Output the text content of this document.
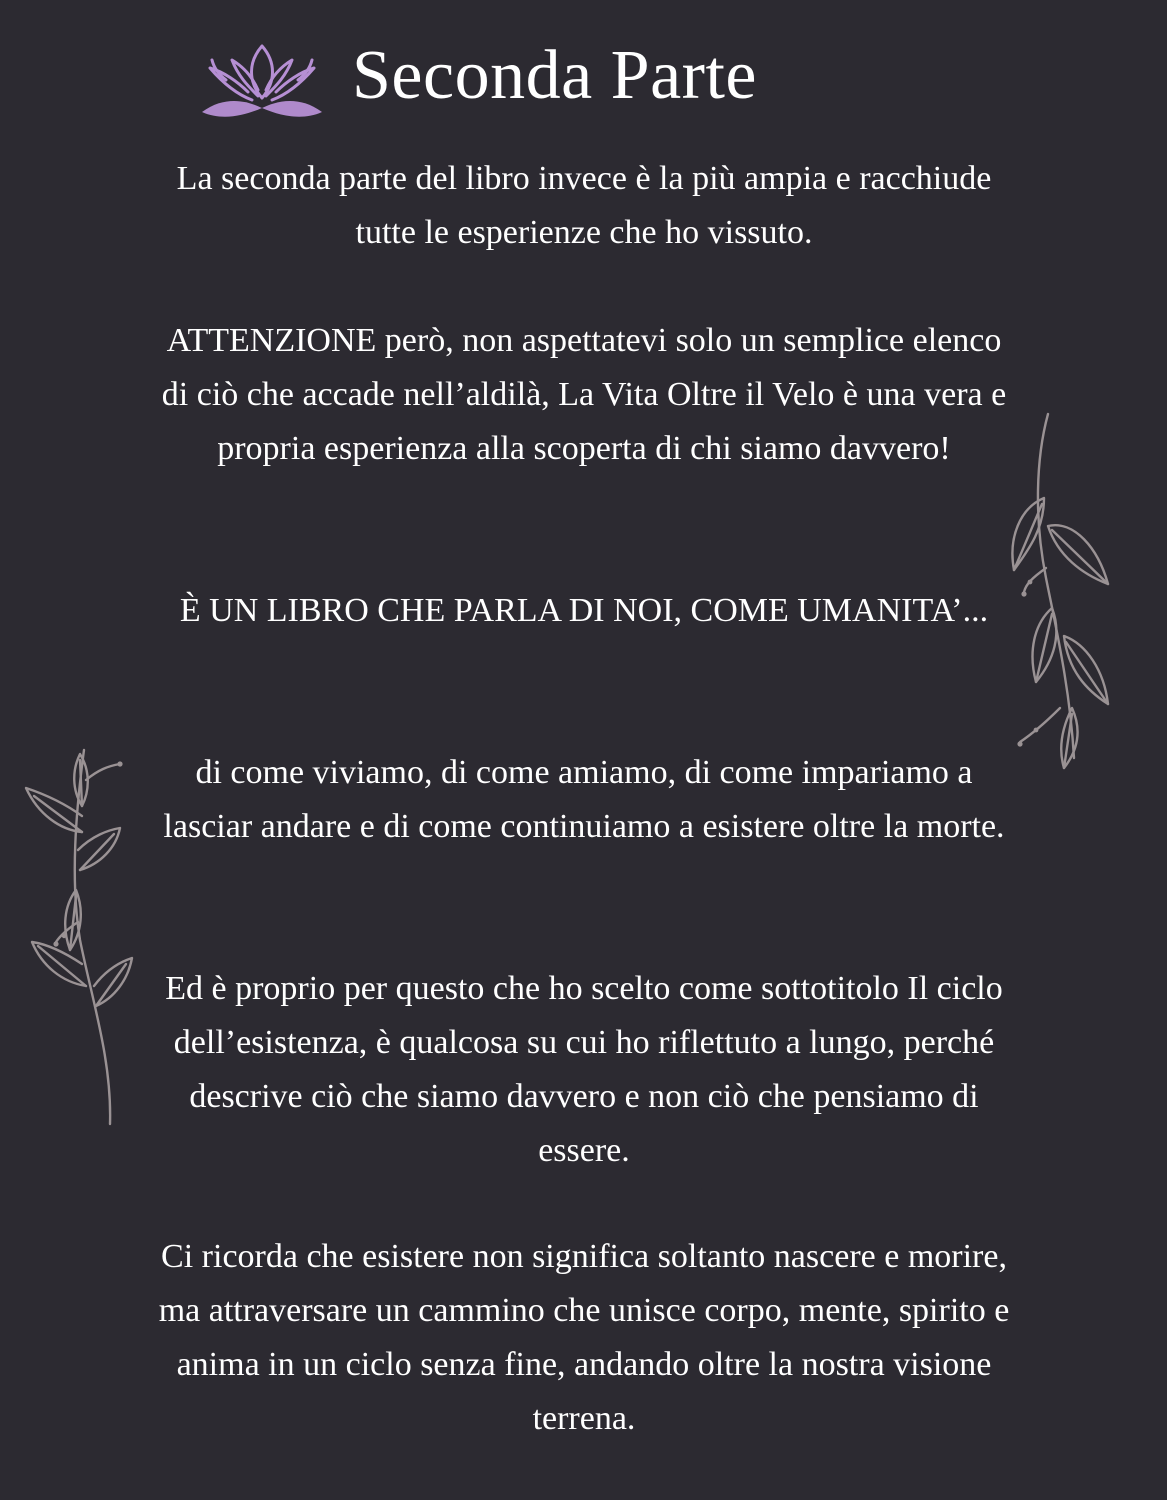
Seconda Parte

La seconda parte del libro invece è la più ampia e racchiude tutte le esperienze che ho vissuto.

ATTENZIONE però, non aspettatevi solo un semplice elenco di ciò che accade nell’aldilà, La Vita Oltre il Velo è una vera e propria esperienza alla scoperta di chi siamo davvero!

È UN LIBRO CHE PARLA DI NOI, COME UMANITA’...

di come viviamo, di come amiamo, di come impariamo a lasciar andare e di come continuiamo a esistere oltre la morte.

Ed è proprio per questo che ho scelto come sottotitolo Il ciclo dell’esistenza, è qualcosa su cui ho riflettuto a lungo, perché descrive ciò che siamo davvero e non ciò che pensiamo di essere.

Ci ricorda che esistere non significa soltanto nascere e morire, ma attraversare un cammino che unisce corpo, mente, spirito e anima in un ciclo senza fine, andando oltre la nostra visione terrena.
